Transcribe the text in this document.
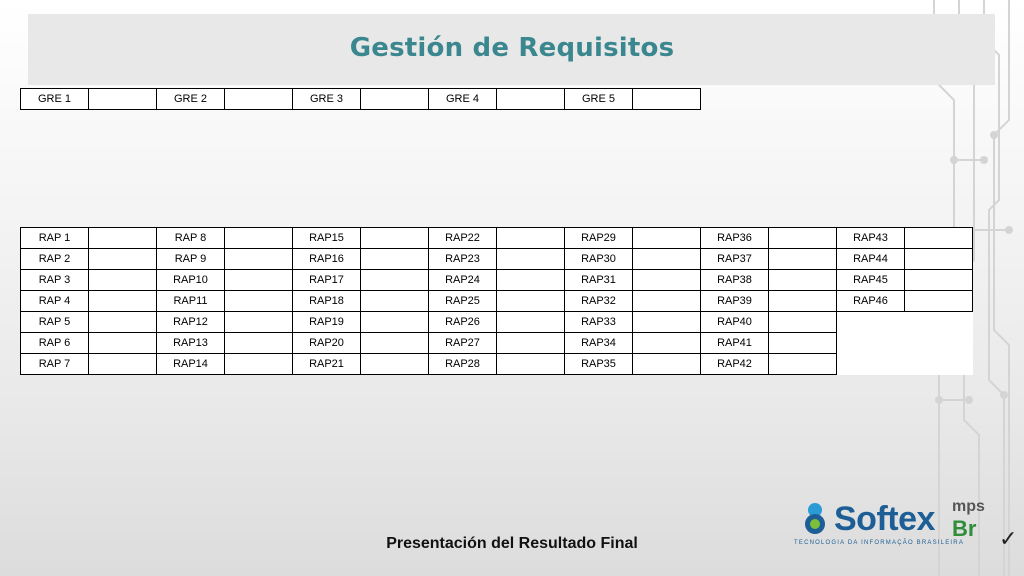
Gestión de Requisitos
GRE 1		GRE 2		GRE 3		GRE 4		GRE 5	
RAP 1		RAP 8		RAP15		RAP22		RAP29		RAP36		RAP43	
RAP 2		RAP 9		RAP16		RAP23		RAP30		RAP37		RAP44	
RAP 3		RAP10		RAP17		RAP24		RAP31		RAP38		RAP45	
RAP 4		RAP11		RAP18		RAP25		RAP32		RAP39		RAP46	
RAP 5		RAP12		RAP19		RAP26		RAP33		RAP40			
RAP 6		RAP13		RAP20		RAP27		RAP34		RAP41			
RAP 7		RAP14		RAP21		RAP28		RAP35		RAP42			
Presentación del Resultado Final
Softex
TECNOLOGIA DA INFORMAÇÃO BRASILEIRA
mps
Br ✓
